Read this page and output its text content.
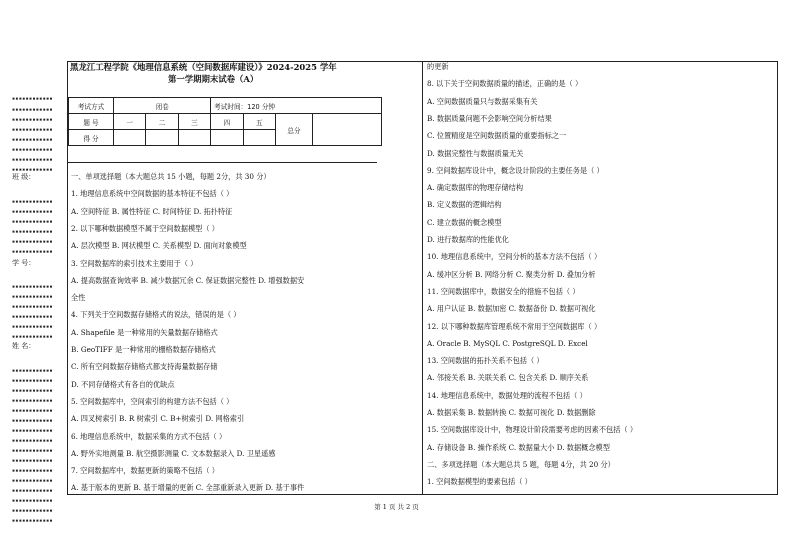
▪▪▪▪▪▪▪▪▪▪▪▪
▪▪▪▪▪▪▪▪▪▪▪▪
▪▪▪▪▪▪▪▪▪▪▪▪
▪▪▪▪▪▪▪▪▪▪▪▪
▪▪▪▪▪▪▪▪▪▪▪▪
▪▪▪▪▪▪▪▪▪▪▪▪
▪▪▪▪▪▪▪▪▪▪▪▪
▪▪▪▪▪▪▪▪▪▪▪▪
▪▪▪▪▪▪▪▪▪▪▪▪
▪▪▪▪▪▪▪▪▪▪▪▪
▪▪▪▪▪▪▪▪▪▪▪▪
▪▪▪▪▪▪▪▪▪▪▪▪
▪▪▪▪▪▪▪▪▪▪▪▪
▪▪▪▪▪▪▪▪▪▪▪▪
▪▪▪▪▪▪▪▪▪▪▪▪
▪▪▪▪▪▪▪▪▪▪▪▪
▪▪▪▪▪▪▪▪▪▪▪▪
▪▪▪▪▪▪▪▪▪▪▪▪
▪▪▪▪▪▪▪▪▪▪▪▪
▪▪▪▪▪▪▪▪▪▪▪▪
▪▪▪▪▪▪▪▪▪▪▪▪
▪▪▪▪▪▪▪▪▪▪▪▪
▪▪▪▪▪▪▪▪▪▪▪▪
▪▪▪▪▪▪▪▪▪▪▪▪
▪▪▪▪▪▪▪▪▪▪▪▪
▪▪▪▪▪▪▪▪▪▪▪▪
▪▪▪▪▪▪▪▪▪▪▪▪
▪▪▪▪▪▪▪▪▪▪▪▪
▪▪▪▪▪▪▪▪▪▪▪▪
▪▪▪▪▪▪▪▪▪▪▪▪
▪▪▪▪▪▪▪▪▪▪▪▪
▪▪▪▪▪▪▪▪▪▪▪▪
▪▪▪▪▪▪▪▪▪▪▪▪
▪▪▪▪▪▪▪▪▪▪▪▪
▪▪▪▪▪▪▪▪▪▪▪▪
▪▪▪▪▪▪▪▪▪▪▪▪
班 级：
学 号：
姓 名：
黑龙江工程学院《地理信息系统（空间数据库建设）》2024-2025 学年
第一学期期末试卷（A）
考试方式	闭卷			考试时间：120 分钟			
题 号	一	二	三	四	五	总分	
得 分							
一、单项选择题（本大题总共 15 小题，每题 2分，共 30 分）
1. 地理信息系统中空间数据的基本特征不包括（ ）
A. 空间特征 B. 属性特征 C. 时间特征 D. 拓扑特征
2. 以下哪种数据模型不属于空间数据模型（ ）
A. 层次模型 B. 网状模型 C. 关系模型 D. 面向对象模型
3. 空间数据库的索引技术主要用于（ ）
A. 提高数据查询效率 B. 减少数据冗余 C. 保证数据完整性 D. 增强数据安
全性
4. 下列关于空间数据存储格式的说法，错误的是（ ）
A. Shapefile 是一种常用的矢量数据存储格式
B. GeoTIFF 是一种常用的栅格数据存储格式
C. 所有空间数据存储格式都支持海量数据存储
D. 不同存储格式有各自的优缺点
5. 空间数据库中，空间索引的构建方法不包括（ ）
A. 四叉树索引 B. R 树索引 C. B+树索引 D. 网格索引
6. 地理信息系统中，数据采集的方式不包括（ ）
A. 野外实地测量 B. 航空摄影测量 C. 文本数据录入 D. 卫星遥感
7. 空间数据库中，数据更新的策略不包括（ ）
A. 基于版本的更新 B. 基于增量的更新 C. 全部重新录入更新 D. 基于事件
的更新
8. 以下关于空间数据质量的描述，正确的是（ ）
A. 空间数据质量只与数据采集有关
B. 数据质量问题不会影响空间分析结果
C. 位置精度是空间数据质量的重要指标之一
D. 数据完整性与数据质量无关
9. 空间数据库设计中，概念设计阶段的主要任务是（ ）
A. 确定数据库的物理存储结构
B. 定义数据的逻辑结构
C. 建立数据的概念模型
D. 进行数据库的性能优化
10. 地理信息系统中，空间分析的基本方法不包括（ ）
A. 缓冲区分析 B. 网络分析 C. 聚类分析 D. 叠加分析
11. 空间数据库中，数据安全的措施不包括（ ）
A. 用户认证 B. 数据加密 C. 数据备份 D. 数据可视化
12. 以下哪种数据库管理系统不常用于空间数据库（ ）
A. Oracle B. MySQL C. PostgreSQL D. Excel
13. 空间数据的拓扑关系不包括（ ）
A. 邻接关系 B. 关联关系 C. 包含关系 D. 顺序关系
14. 地理信息系统中，数据处理的流程不包括（ ）
A. 数据采集 B. 数据转换 C. 数据可视化 D. 数据删除
15. 空间数据库设计中，物理设计阶段需要考虑的因素不包括（ ）
A. 存储设备 B. 操作系统 C. 数据量大小 D. 数据概念模型
二、多项选择题（本大题总共 5 题，每题 4分，共 20 分）
1. 空间数据模型的要素包括（ ）
第 1 页 共 2 页
